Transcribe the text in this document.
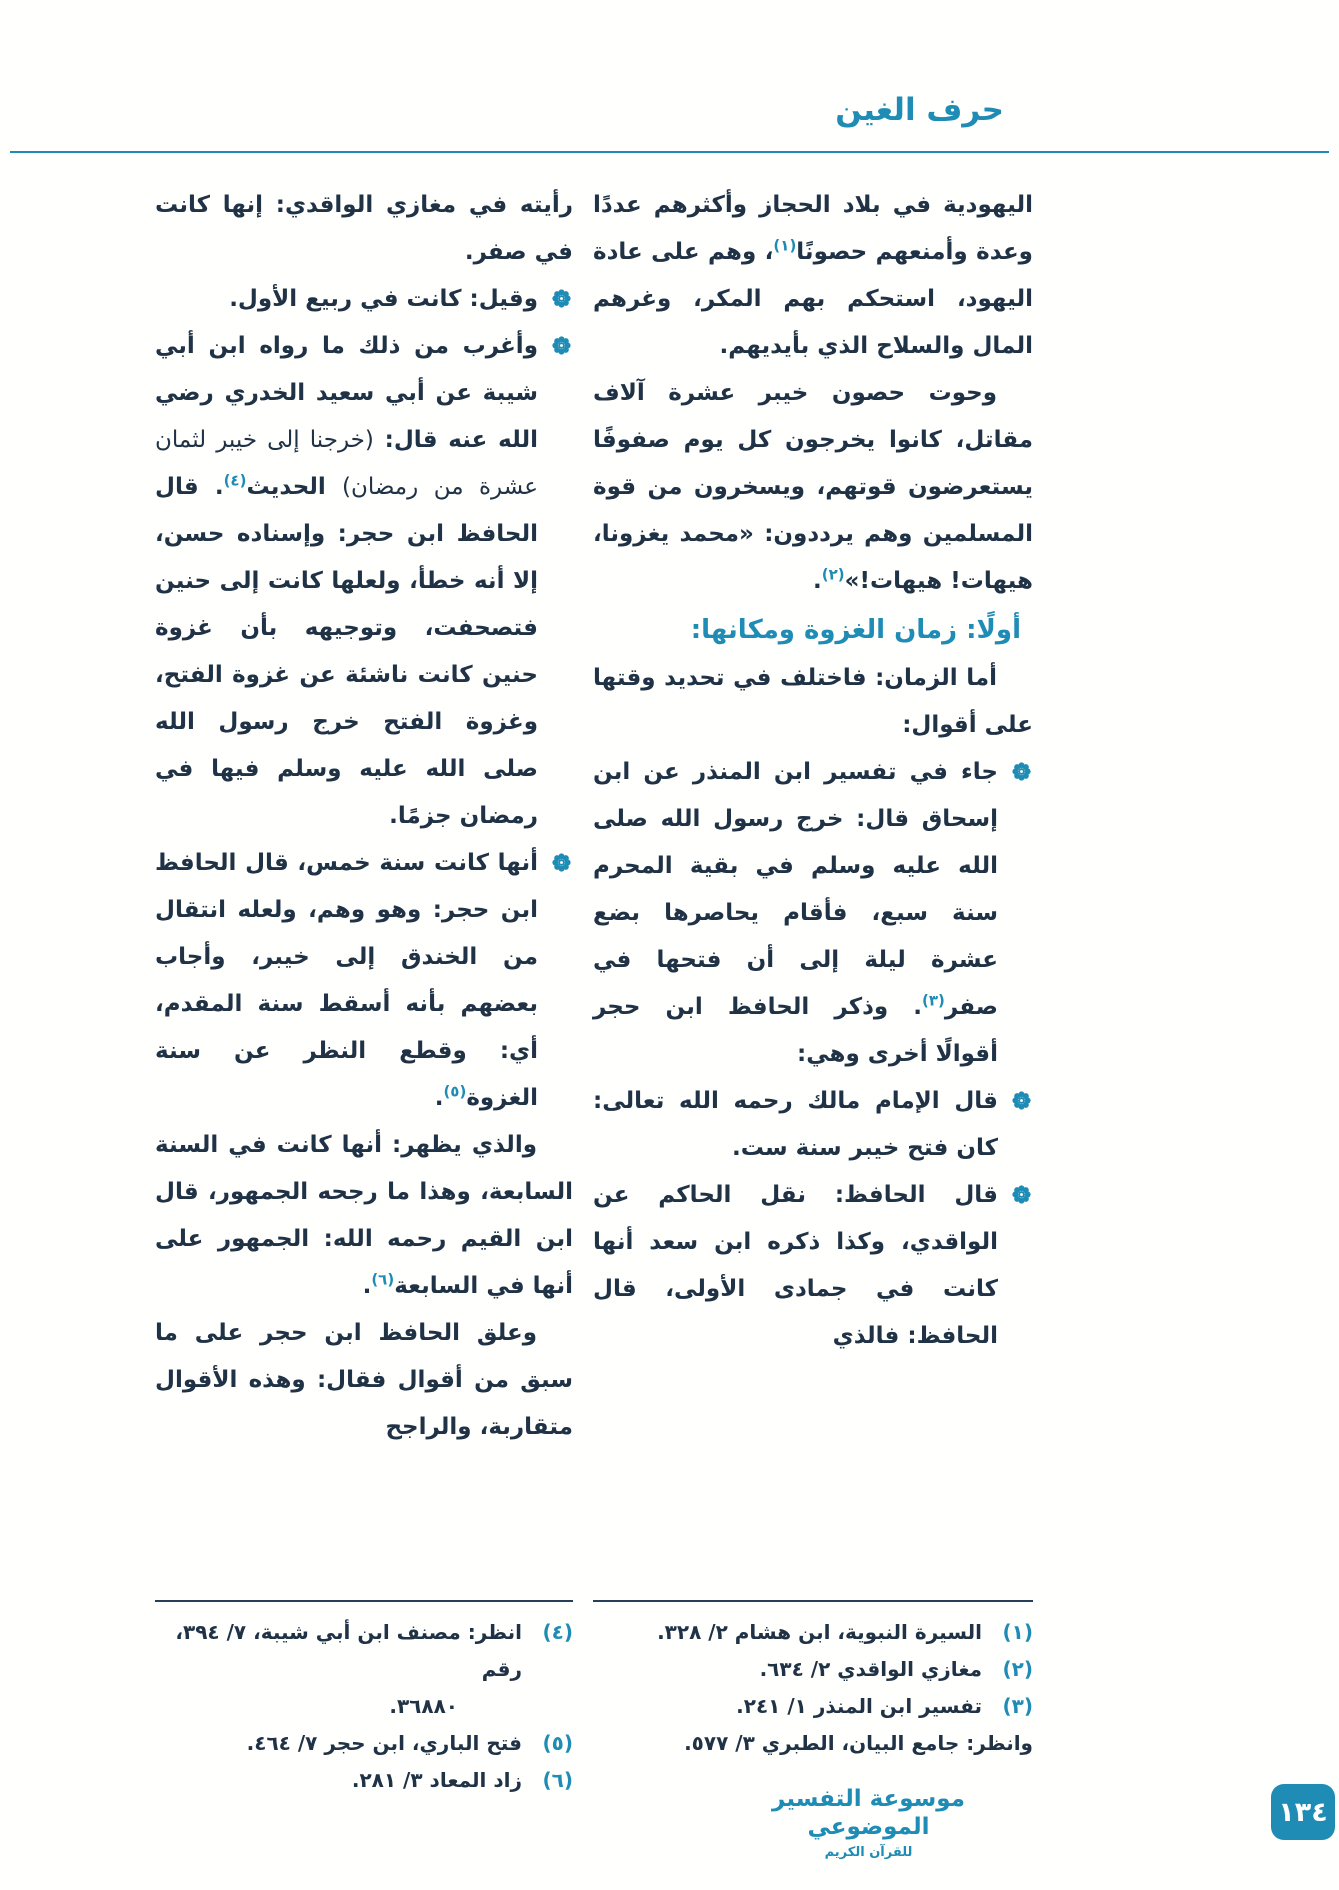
حرف الغين

اليهودية في بلاد الحجاز وأكثرهم عددًا وعدة وأمنعهم حصونًا$^{(١)}$، وهم على عادة اليهود، استحكم بهم المكر، وغرهم المال والسلاح الذي بأيديهم.

وحوت حصون خيبر عشرة آلاف مقاتل، كانوا يخرجون كل يوم صفوفًا يستعرضون قوتهم، ويسخرون من قوة المسلمين وهم يرددون: «محمد يغزونا، هيهات! هيهات!»$^{(٢)}$.

أولًا: زمان الغزوة ومكانها:

أما الزمان: فاختلف في تحديد وقتها على أقوال:

جاء في تفسير ابن المنذر عن ابن إسحاق قال: خرج رسول الله صلى الله عليه وسلم في بقية المحرم سنة سبع، فأقام يحاصرها بضع عشرة ليلة إلى أن فتحها في صفر$^{(٣)}$. وذكر الحافظ ابن حجر أقوالًا أخرى وهي:

قال الإمام مالك رحمه الله تعالى: كان فتح خيبر سنة ست.

قال الحافظ: نقل الحاكم عن الواقدي، وكذا ذكره ابن سعد أنها كانت في جمادى الأولى، قال الحافظ: فالذي

رأيته في مغازي الواقدي: إنها كانت في صفر.

وقيل: كانت في ربيع الأول.

وأغرب من ذلك ما رواه ابن أبي شيبة عن أبي سعيد الخدري رضي الله عنه قال: (خرجنا إلى خيبر لثمان عشرة من رمضان) الحديث$^{(٤)}$. قال الحافظ ابن حجر: وإسناده حسن، إلا أنه خطأ، ولعلها كانت إلى حنين فتصحفت، وتوجيهه بأن غزوة حنين كانت ناشئة عن غزوة الفتح، وغزوة الفتح خرج رسول الله صلى الله عليه وسلم فيها في رمضان جزمًا.

أنها كانت سنة خمس، قال الحافظ ابن حجر: وهو وهم، ولعله انتقال من الخندق إلى خيبر، وأجاب بعضهم بأنه أسقط سنة المقدم، أي: وقطع النظر عن سنة الغزوة$^{(٥)}$.

والذي يظهر: أنها كانت في السنة السابعة، وهذا ما رجحه الجمهور، قال ابن القيم رحمه الله: الجمهور على أنها في السابعة$^{(٦)}$.

وعلق الحافظ ابن حجر على ما سبق من أقوال فقال: وهذه الأقوال متقاربة، والراجح

(١)
السيرة النبوية، ابن هشام ٢/ ٣٢٨.
(٢)
مغازي الواقدي ٢/ ٦٣٤.
(٣)
تفسير ابن المنذر ١/ ٢٤١.
وانظر: جامع البيان، الطبري ٣/ ٥٧٧.
(٤)
انظر: مصنف ابن أبي شيبة، ٧/ ٣٩٤، رقم
٣٦٨٨٠.
(٥)
فتح الباري، ابن حجر ٧/ ٤٦٤.
(٦)
زاد المعاد ٣/ ٢٨١.
موسوعة التفسير الموضوعي
للقرآن الكريم
١٣٤
